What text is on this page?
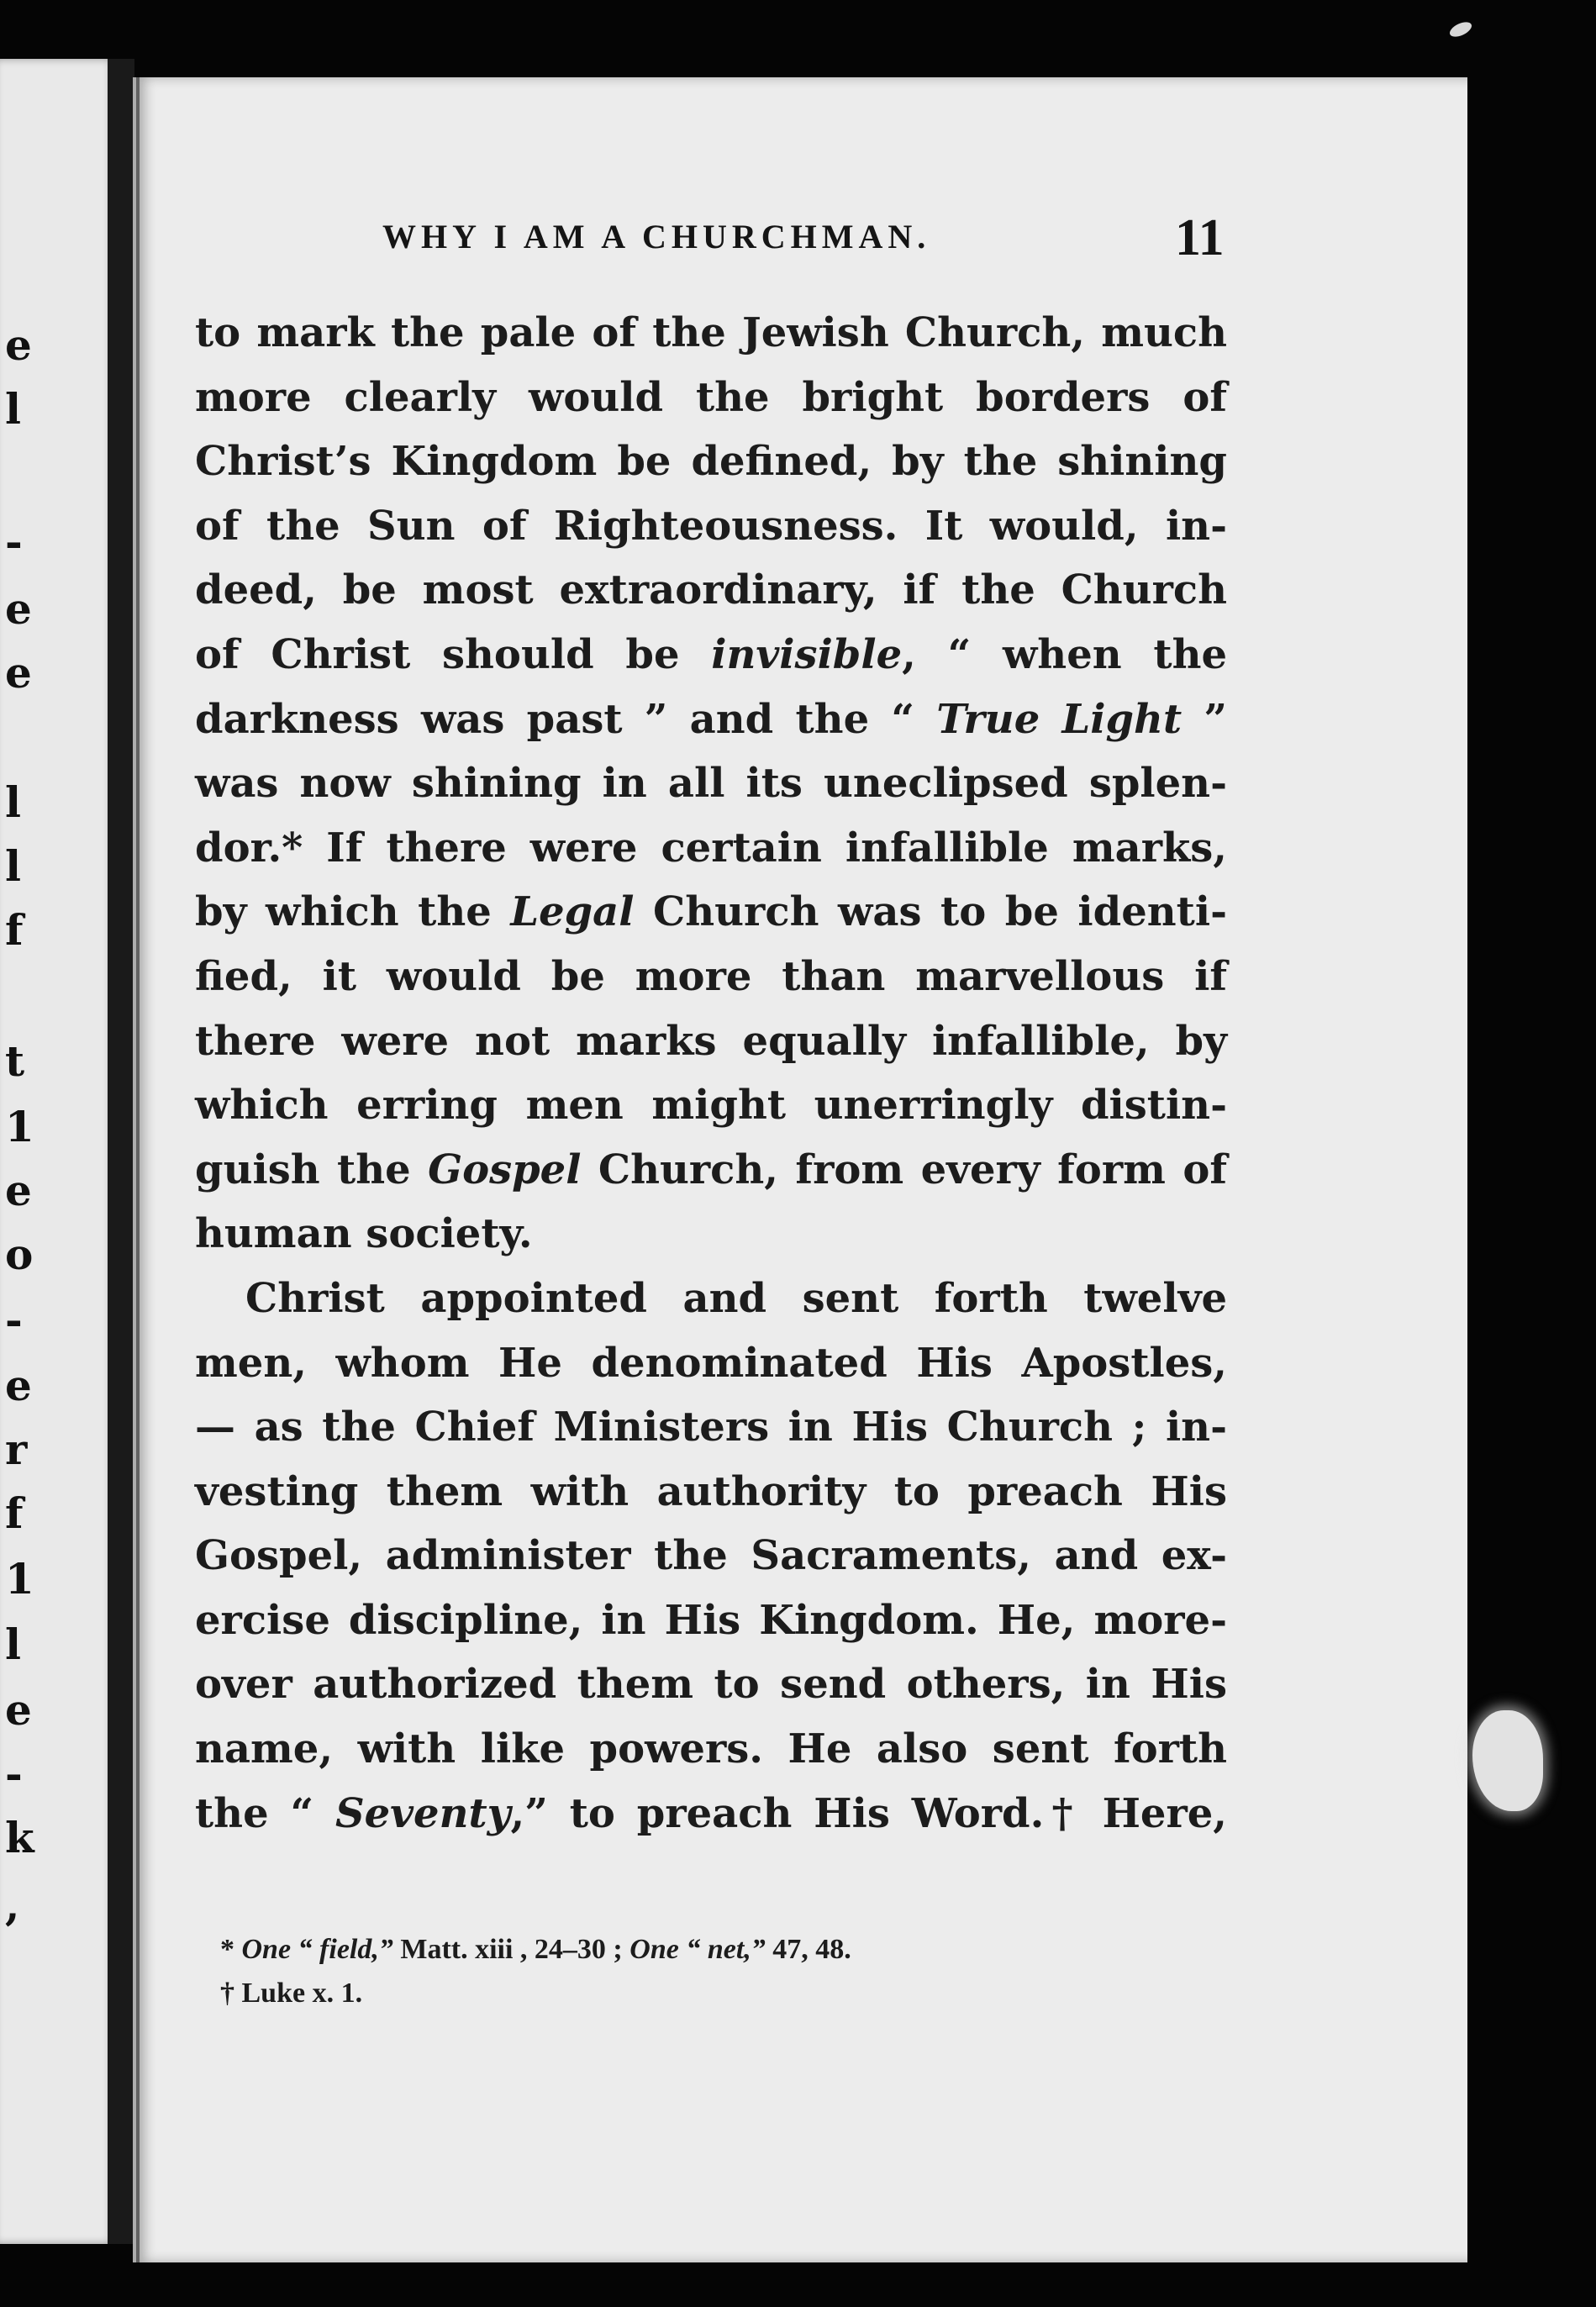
e
l
-
e
e
l
l
f
t
1
e
o
-
e
r
f
1
l
e
-
k
,
WHY I AM A CHURCHMAN.	11
to mark the pale of the Jewish Church, much
more clearly would the bright borders of
Christ’s Kingdom be defined, by the shining
of the Sun of Righteousness. It would, in-
deed, be most extraordinary, if the Church
of Christ should be invisible, “ when the
darkness was past ” and the “ True Light ”
was now shining in all its uneclipsed splen-
dor.* If there were certain infallible marks,
by which the Legal Church was to be identi-
fied, it would be more than marvellous if
there were not marks equally infallible, by
which erring men might unerringly distin-
guish the Gospel Church, from every form of
human society.
Christ appointed and sent forth twelve
men, whom He denominated His Apostles,
— as the Chief Ministers in His Church ; in-
vesting them with authority to preach His
Gospel, administer the Sacraments, and ex-
ercise discipline, in His Kingdom. He, more-
over authorized them to send others, in His
name, with like powers. He also sent forth
the “ Seventy,” to preach His Word.† Here,
* One “ field,” Matt. xiii , 24–30 ; One “ net,” 47, 48.
† Luke x. 1.
